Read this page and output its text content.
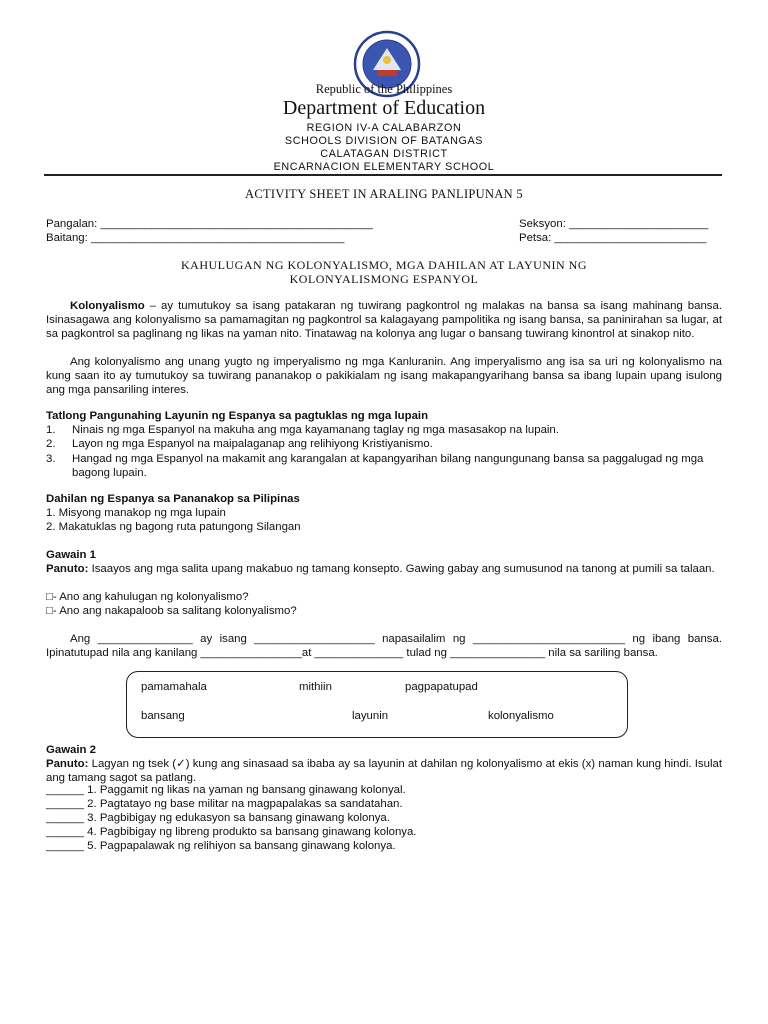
Republic of the Philippines
Department of Education
REGION IV-A CALABARZON
SCHOOLS DIVISION OF BATANGAS
CALATAGAN DISTRICT
ENCARNACION ELEMENTARY SCHOOL
ACTIVITY SHEET IN ARALING PANLIPUNAN 5
Pangalan: ___________________________________________
Baitang: ________________________________________
Seksyon: ______________________
Petsa: ________________________
KAHULUGAN NG KOLONYALISMO, MGA DAHILAN AT LAYUNIN NG
KOLONYALISMONG ESPANYOL

Kolonyalismo – ay tumutukoy sa isang patakaran ng tuwirang pagkontrol ng malakas na bansa sa isang mahinang bansa. Isinasagawa ang kolonyalismo sa pamamagitan ng pagkontrol sa kalagayang pampolitika ng isang bansa, sa paninirahan sa lugar, at sa pagkontrol sa paglinang ng likas na yaman nito. Tinatawag na kolonya ang lugar o bansang tuwirang kinontrol at sinakop nito.

Ang kolonyalismo ang unang yugto ng imperyalismo ng mga Kanluranin. Ang imperyalismo ang isa sa uri ng kolonyalismo na kung saan ito ay tumutukoy sa tuwirang pananakop o pakikialam ng isang makapangyarihang bansa sa ibang lupain upang isulong ang mga pansariling interes.

Tatlong Pangunahing Layunin ng Espanya sa pagtuklas ng mga lupain
1. Ninais ng mga Espanyol na makuha ang mga kayamanang taglay ng mga masasakop na lupain.
2. Layon ng mga Espanyol na maipalaganap ang relihiyong Kristiyanismo.
3. Hangad ng mga Espanyol na makamit ang karangalan at kapangyarihan bilang nangungunang bansa sa paggalugad ng mga bagong lupain.
Dahilan ng Espanya sa Pananakop sa Pilipinas
1. Misyong manakop ng mga lupain
2. Makatuklas ng bagong ruta patungong Silangan
Gawain 1

Panuto: Isaayos ang mga salita upang makabuo ng tamang konsepto. Gawing gabay ang sumusunod na tanong at pumili sa talaan.

□- Ano ang kahulugan ng kolonyalismo?
□- Ano ang nakapaloob sa salitang kolonyalismo?
Ang _______________ ay isang ___________________ napasailalim ng ________________________ ng ibang bansa.
Ipinatutupad nila ang kanilang ________________at ______________ tulad ng _______________ nila sa sariling bansa.
pamamahala	mithiin	pagpapatupad
bansang	layunin	kolonyalismo
Gawain 2

Panuto: Lagyan ng tsek (✓) kung ang sinasaad sa ibaba ay sa layunin at dahilan ng kolonyalismo at ekis (x) naman kung hindi. Isulat ang tamang sagot sa patlang.

______ 1. Paggamit ng likas na yaman ng bansang ginawang kolonyal.
______ 2. Pagtatayo ng base militar na magpapalakas sa sandatahan.
______ 3. Pagbibigay ng edukasyon sa bansang ginawang kolonya.
______ 4. Pagbibigay ng libreng produkto sa bansang ginawang kolonya.
______ 5. Pagpapalawak ng relihiyon sa bansang ginawang kolonya.
